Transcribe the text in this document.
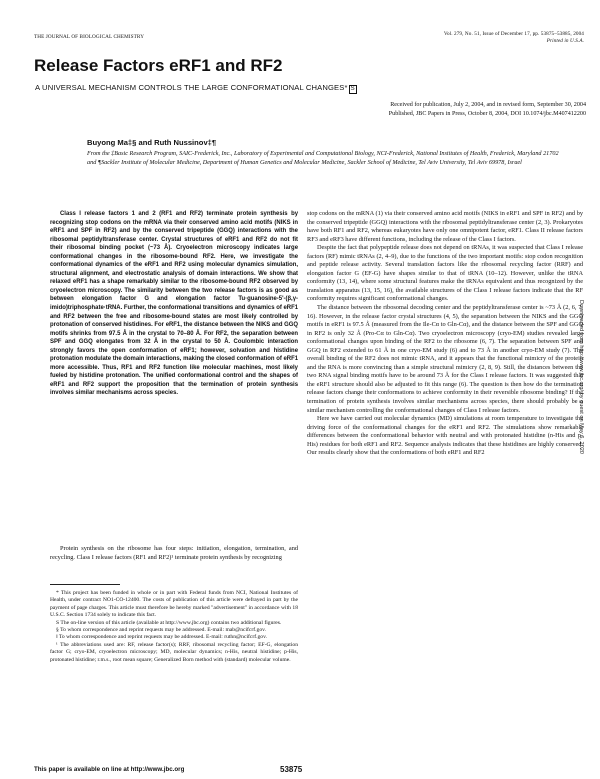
THE JOURNAL OF BIOLOGICAL CHEMISTRY	Vol. 279, No. 51, Issue of December 17, pp. 53875–53885, 2004
Printed in U.S.A.
Release Factors eRF1 and RF2
A UNIVERSAL MECHANISM CONTROLS THE LARGE CONFORMATIONAL CHANGES* S
Received for publication, July 2, 2004, and in revised form, September 30, 2004
Published, JBC Papers in Press, October 8, 2004, DOI 10.1074/jbc.M407412200
Buyong Ma‡§ and Ruth Nussinov‡¶
From the ‡Basic Research Program, SAIC-Frederick, Inc., Laboratory of Experimental and Computational Biology, NCI-Frederick, National Institutes of Health, Frederick, Maryland 21702 and ¶Sackler Institute of Molecular Medicine, Department of Human Genetics and Molecular Medicine, Sackler School of Medicine, Tel Aviv University, Tel Aviv 69978, Israel

Class I release factors 1 and 2 (RF1 and RF2) terminate protein synthesis by recognizing stop codons on the mRNA via their conserved amino acid motifs (NIKS in eRF1 and SPF in RF2) and by the conserved tripeptide (GGQ) interactions with the ribosomal peptidyltransferase center. Crystal structures of eRF1 and RF2 do not fit their ribosomal binding pocket (~73 Å). Cryoelectron microscopy indicates large conformational changes in the ribosome-bound RF2. Here, we investigate the conformational dynamics of the eRF1 and RF2 using molecular dynamics simulation, structural alignment, and electrostatic analysis of domain interactions. We show that relaxed eRF1 has a shape remarkably similar to the ribosome-bound RF2 observed by cryoelectron microscopy. The similarity between the two release factors is as good as between elongation factor G and elongation factor Tu·guanosine-5'-(β,γ-imido)triphosphate·tRNA. Further, the conformational transitions and dynamics of eRF1 and RF2 between the free and ribosome-bound states are most likely controlled by protonation of conserved histidines. For eRF1, the distance between the NIKS and GGQ motifs shrinks from 97.5 Å in the crystal to 70–80 Å. For RF2, the separation between SPF and GGQ elongates from 32 Å in the crystal to 50 Å. Coulombic interaction strongly favors the open conformation of eRF1; however, solvation and histidine protonation modulate the domain interactions, making the closed conformation of eRF1 more accessible. Thus, RF1 and RF2 function like molecular machines, most likely fueled by histidine protonation. The unified conformational control and the shapes of eRF1 and RF2 support the proposition that the termination of protein synthesis involves similar mechanisms across species.

Protein synthesis on the ribosome has four steps: initiation, elongation, termination, and recycling. Class I release factors (RF1 and RF2)¹ terminate protein synthesis by recognizing

* This project has been funded in whole or in part with Federal funds from NCI, National Institutes of Health, under contract NO1-CO-12400. The costs of publication of this article were defrayed in part by the payment of page charges. This article must therefore be hereby marked "advertisement" in accordance with 18 U.S.C. Section 1734 solely to indicate this fact.

S The on-line version of this article (available at http://www.jbc.org) contains two additional figures.

§ To whom correspondence and reprint requests may be addressed. E-mail: mab@ncifcrf.gov.

‖ To whom correspondence and reprint requests may be addressed. E-mail: ruthn@ncifcrf.gov.

¹ The abbreviations used are: RF, release factor(s); RRF, ribosomal recycling factor; EF-G, elongation factor G; cryo-EM, cryoelectron microscopy; MD, molecular dynamics; n-His, neutral histidine; p-His, protonated histidine; r.m.s., root mean square; Generalized Born method with (standard) molecular volume.

stop codons on the mRNA (1) via their conserved amino acid motifs (NIKS in eRF1 and SPF in RF2) and by the conserved tripeptide (GGQ) interactions with the ribosomal peptidyltransferase center (2, 3). Prokaryotes have both RF1 and RF2, whereas eukaryotes have only one omnipotent factor, eRF1. Class II release factors RF3 and eRF3 have different functions, including the release of the Class I factors.

Despite the fact that polypeptide release does not depend on tRNAs, it was suspected that Class I release factors (RF) mimic tRNAs (2, 4–9), due to the functions of the two important motifs: stop codon recognition and peptide release activity. Several translation factors like the ribosomal recycling factor (RRF) and elongation factor G (EF-G) have shapes similar to that of tRNA (10–12). However, unlike the tRNA conformity (13, 14), where some structural features make the tRNAs equivalent and thus recognized by the translation apparatus (13, 15, 16), the available structures of the Class I release factors indicate that the RF conformity requires significant conformational changes.

The distance between the ribosomal decoding center and the peptidyltransferase center is ~73 Å (2, 6, 7, 16). However, in the release factor crystal structures (4, 5), the separation between the NIKS and the GGQ motifs in eRF1 is 97.5 Å (measured from the Ile-Cα to Gln-Cα), and the distance between the SPF and GGQ in RF2 is only 32 Å (Pro-Cα to Gln-Cα). Two cryoelectron microscopy (cryo-EM) studies revealed large conformational changes upon binding of the RF2 to the ribosome (6, 7). The separation between SPF and GGQ in RF2 extended to 61 Å in one cryo-EM study (6) and to 73 Å in another cryo-EM study (7). The overall binding of the RF2 does not mimic tRNA, and it appears that the functional mimicry of the protein and the RNA is more convincing than a simple structural mimicry (2, 8, 9). Still, the distances between the two RNA signal binding motifs have to be around 73 Å for the Class I release factors. It was suggested that the eRF1 structure should also be adjusted to fit this range (6). The question is then how do the termination release factors change their conformations to achieve conformity in their reversible ribosome binding? If the termination of protein synthesis involves similar mechanisms across species, there should probably be a similar mechanism controlling the conformational changes of Class I release factors.

Here we have carried out molecular dynamics (MD) simulations at room temperature to investigate the driving force of the conformational changes for the eRF1 and RF2. The simulations show remarkable differences between the conformational behavior with neutral and with protonated histidine (n-His and p-His) residues for both eRF1 and RF2. Sequence analysis indicates that these histidines are highly conserved. Our results clearly show that the conformations of both eRF1 and RF2	Downloaded from http://www.jbc.org/ by guest on May 6, 2020
This paper is available on line at http://www.jbc.org	53875
